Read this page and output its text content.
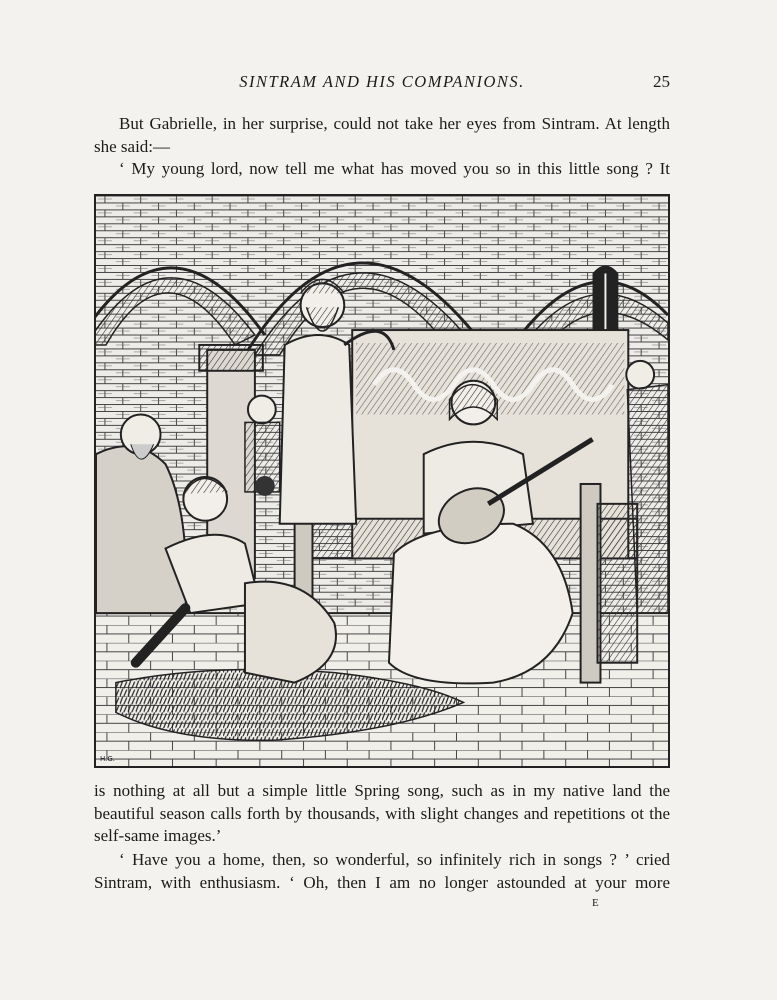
SINTRAM AND HIS COMPANIONS.	25

But Gabrielle, in her surprise, could not take her eyes from Sintram. At length she said:—

‘ My young lord, now tell me what has moved you so in this little song ? It

H.G.

is nothing at all but a simple little Spring song, such as in my native land the beautiful season calls forth by thousands, with slight changes and repetitions ot the self-same images.’

‘ Have you a home, then, so wonderful, so infinitely rich in songs ? ’ cried Sintram, with enthusiasm. ‘ Oh, then I am no longer astounded at your more

E
